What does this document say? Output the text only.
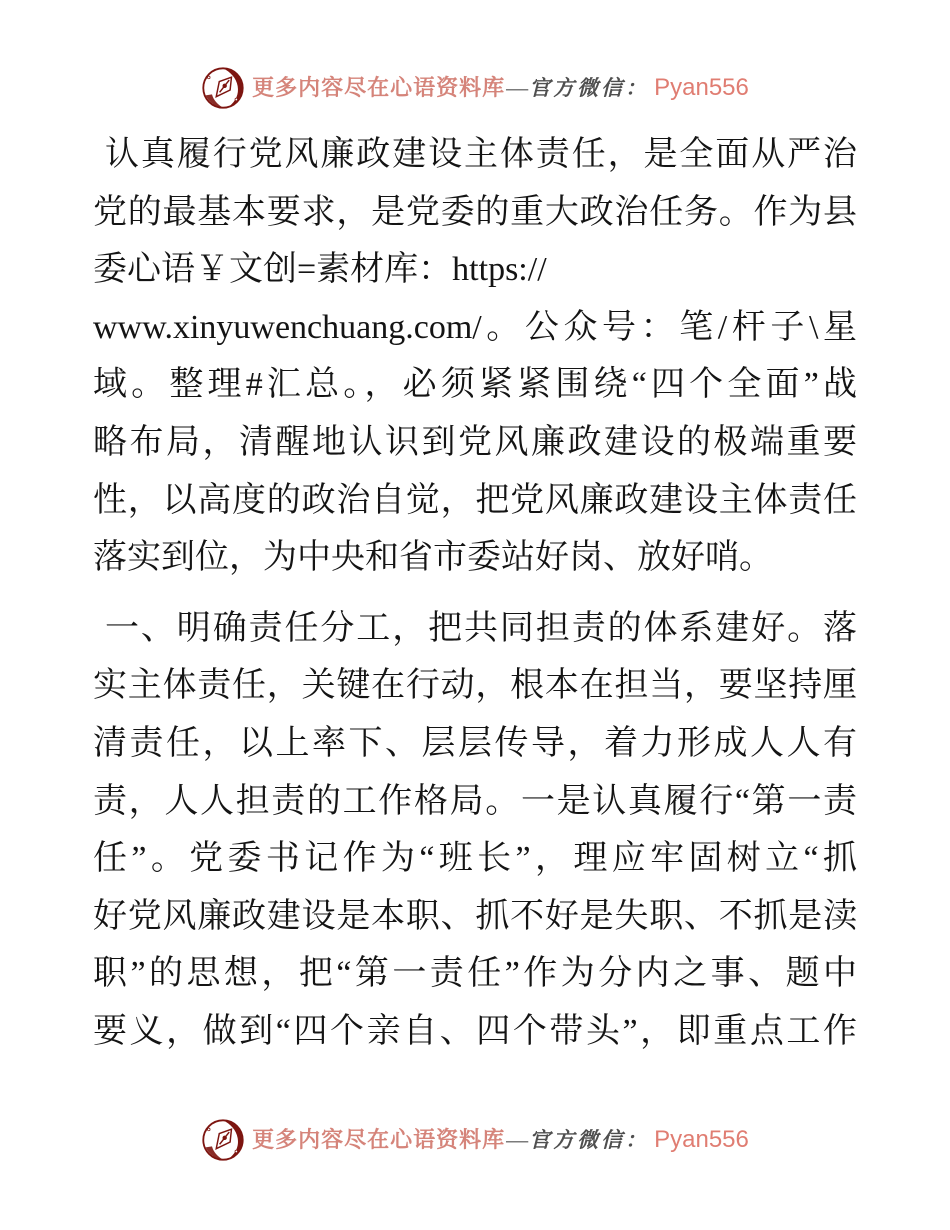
更多内容尽在心语资料库 — 官方微信： Pyan556
认真履行党风廉政建设主体责任，是全面从严治
党的最基本要求，是党委的重大政治任务。作为县
委心语￥文创=素材库：https://
www.xinyuwenchuang.com/。公众号：笔/杆子\星
域。整理#汇总。，必须紧紧围绕“四个全面”战
略布局，清醒地认识到党风廉政建设的极端重要
性，以高度的政治自觉，把党风廉政建设主体责任
落实到位，为中央和省市委站好岗、放好哨。
一、明确责任分工，把共同担责的体系建好。落
实主体责任，关键在行动，根本在担当，要坚持厘
清责任，以上率下、层层传导，着力形成人人有
责，人人担责的工作格局。一是认真履行“第一责
任”。党委书记作为“班长”，理应牢固树立“抓
好党风廉政建设是本职、抓不好是失职、不抓是渎
职”的思想，把“第一责任”作为分内之事、题中
要义，做到“四个亲自、四个带头”，即重点工作
更多内容尽在心语资料库 — 官方微信： Pyan556
